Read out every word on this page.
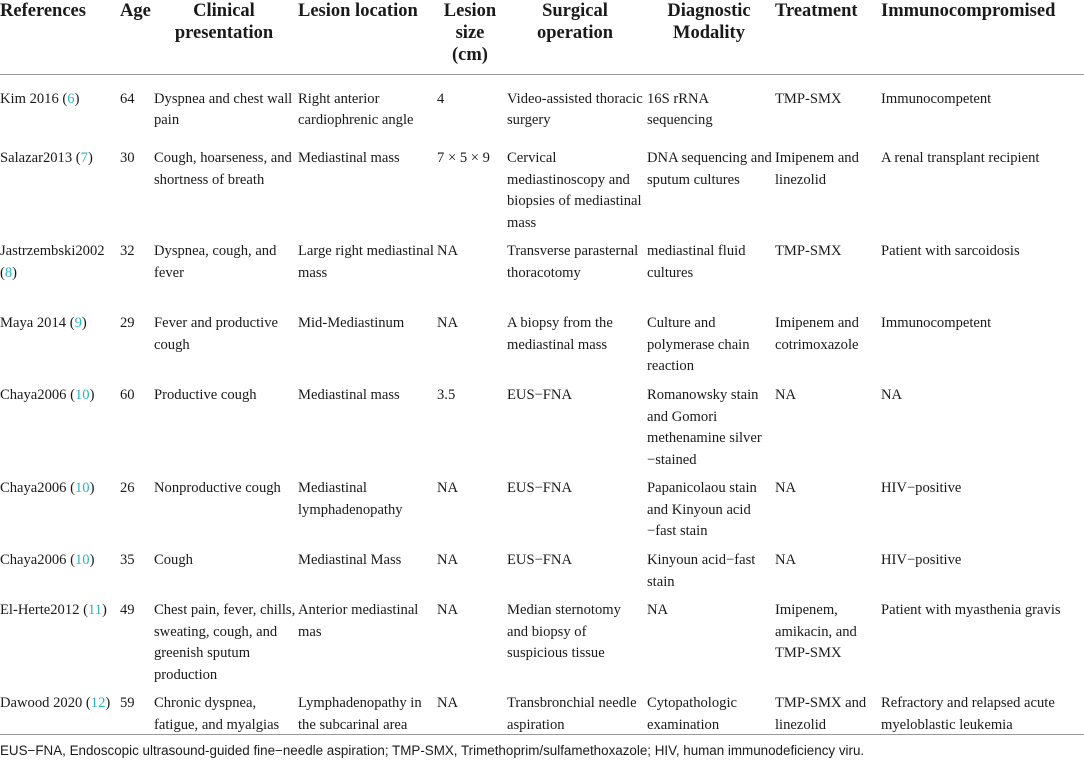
References	Age	Clinical presentation	Lesion location	Lesion size (cm)	Surgical operation	Diagnostic Modality	Treatment	Immunocompromised
Kim 2016 (6)	64	Dyspnea and chest wall pain	Right anterior cardiophrenic angle	4	Video-assisted thoracic surgery	16S rRNA sequencing	TMP-SMX	Immunocompetent
Salazar2013 (7)	30	Cough, hoarseness, and shortness of breath	Mediastinal mass	7 × 5 × 9	Cervical mediastinoscopy and biopsies of mediastinal mass	DNA sequencing and sputum cultures	Imipenem and linezolid	A renal transplant recipient
Jastrzembski2002 (8)	32	Dyspnea, cough, and fever	Large right mediastinal mass	NA	Transverse parasternal thoracotomy	mediastinal fluid cultures	TMP-SMX	Patient with sarcoidosis
Maya 2014 (9)	29	Fever and productive cough	Mid-Mediastinum	NA	A biopsy from the mediastinal mass	Culture and polymerase chain reaction	Imipenem and cotrimoxazole	Immunocompetent
Chaya2006 (10)	60	Productive cough	Mediastinal mass	3.5	EUS−FNA	Romanowsky stain and Gomori methenamine silver −stained	NA	NA
Chaya2006 (10)	26	Nonproductive cough	Mediastinal lymphadenopathy	NA	EUS−FNA	Papanicolaou stain and Kinyoun acid −fast stain	NA	HIV−positive
Chaya2006 (10)	35	Cough	Mediastinal Mass	NA	EUS−FNA	Kinyoun acid−fast stain	NA	HIV−positive
El-Herte2012 (11)	49	Chest pain, fever, chills, sweating, cough, and greenish sputum production	Anterior mediastinal mas	NA	Median sternotomy and biopsy of suspicious tissue	NA	Imipenem, amikacin, and TMP-SMX	Patient with myasthenia gravis
Dawood 2020 (12)	59	Chronic dyspnea, fatigue, and myalgias	Lymphadenopathy in the subcarinal area	NA	Transbronchial needle aspiration	Cytopathologic examination	TMP-SMX and linezolid	Refractory and relapsed acute myeloblastic leukemia
EUS−FNA, Endoscopic ultrasound-guided fine−needle aspiration; TMP-SMX, Trimethoprim/sulfamethoxazole; HIV, human immunodeficiency viru.
